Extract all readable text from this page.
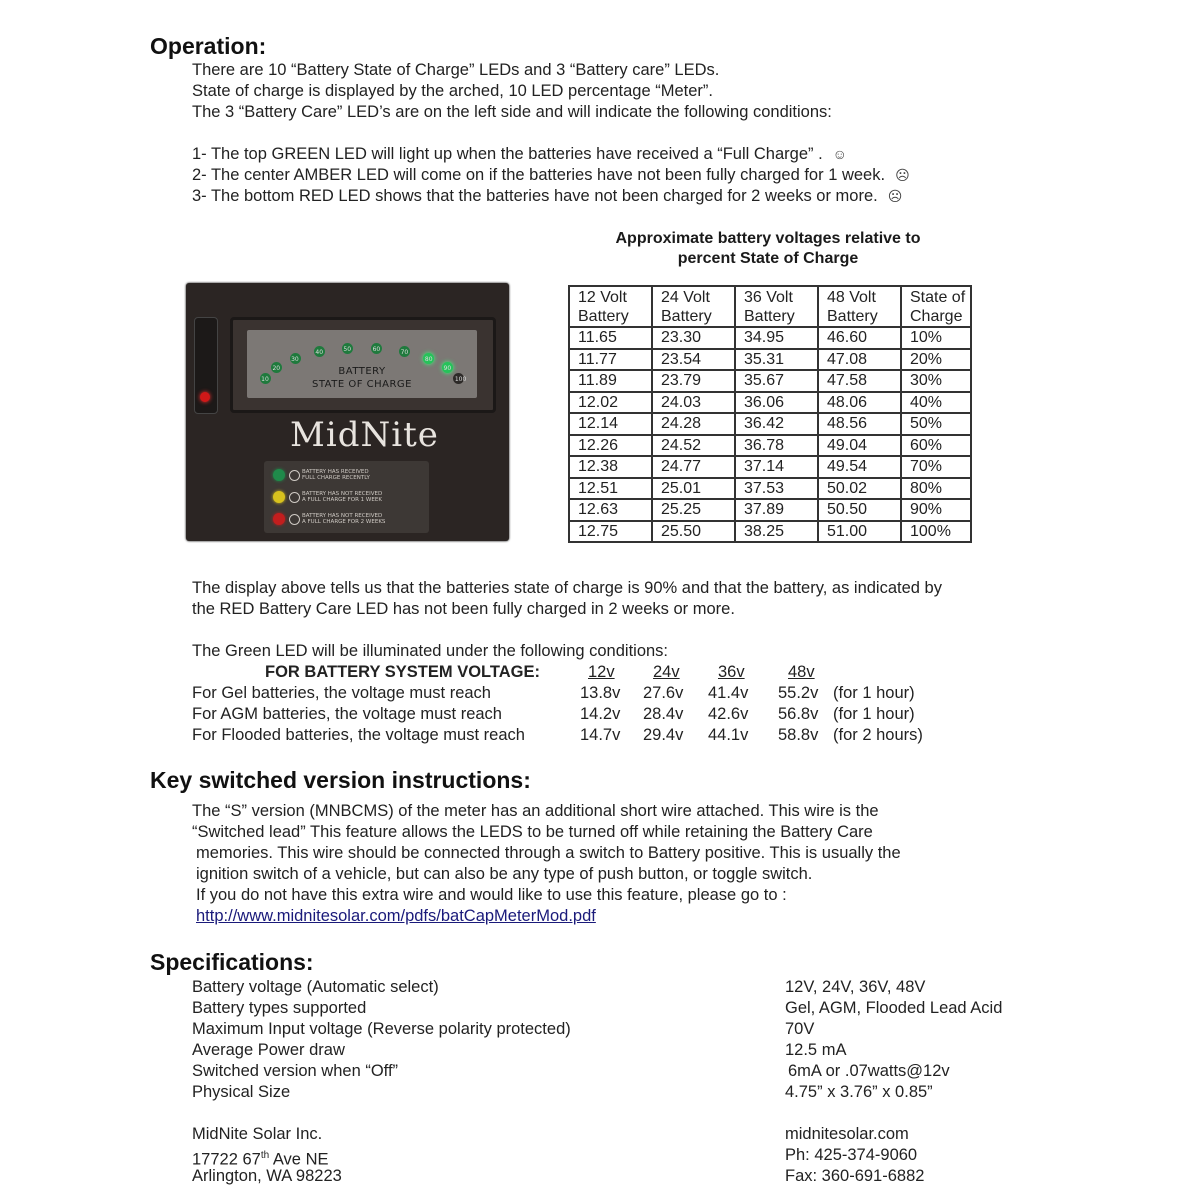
Operation:
There are 10 “Battery State of Charge” LEDs and 3 “Battery care” LEDs.
State of charge is displayed by the arched, 10 LED percentage “Meter”.
The 3 “Battery Care” LED’s are on the left side and will indicate the following conditions:
1- The top GREEN LED will light up when the batteries have received a “Full Charge” . ☺
2- The center AMBER LED will come on if the batteries have not been fully charged for 1 week. ☹
3- The bottom RED LED shows that the batteries have not been charged for 2 weeks or more. ☹
Approximate battery voltages relative to
percent State of Charge
BATTERY
STATE OF CHARGE
10
20
30
40	50	60	70
80
90
100
MidNite
BATTERY HAS RECEIVED
FULL CHARGE RECENTLY
BATTERY HAS NOT RECEIVED
A FULL CHARGE FOR 1 WEEK
BATTERY HAS NOT RECEIVED
A FULL CHARGE FOR 2 WEEKS
12 Volt Battery	24 Volt Battery	36 Volt Battery	48 Volt Battery	State of Charge
11.65	23.30	34.95	46.60	10%
11.77	23.54	35.31	47.08	20%
11.89	23.79	35.67	47.58	30%
12.02	24.03	36.06	48.06	40%
12.14	24.28	36.42	48.56	50%
12.26	24.52	36.78	49.04	60%
12.38	24.77	37.14	49.54	70%
12.51	25.01	37.53	50.02	80%
12.63	25.25	37.89	50.50	90%
12.75	25.50	38.25	51.00	100%
The display above tells us that the batteries state of charge is 90% and that the battery, as indicated by
the RED Battery Care LED has not been fully charged in 2 weeks or more.
The Green LED will be illuminated under the following conditions:
FOR BATTERY SYSTEM VOLTAGE:	12v 24v 36v	48v
For Gel batteries, the voltage must reach	13.8v 27.6v 41.4v 55.2v (for 1 hour)
For AGM batteries, the voltage must reach	14.2v 28.4v 42.6v 56.8v (for 1 hour)
For Flooded batteries, the voltage must reach	14.7v 29.4v 44.1v 58.8v (for 2 hours)
Key switched version instructions:
The “S” version (MNBCMS) of the meter has an additional short wire attached. This wire is the
“Switched lead” This feature allows the LEDS to be turned off while retaining the Battery Care
memories. This wire should be connected through a switch to Battery positive. This is usually the
ignition switch of a vehicle, but can also be any type of push button, or toggle switch.
If you do not have this extra wire and would like to use this feature, please go to :
http://www.midnitesolar.com/pdfs/batCapMeterMod.pdf
Specifications:
Battery voltage (Automatic select)	12V, 24V, 36V, 48V
Battery types supported	Gel, AGM, Flooded Lead Acid
Maximum Input voltage (Reverse polarity protected)	70V
Average Power draw	12.5 mA
Switched version when “Off”	6mA or .07watts@12v
Physical Size	4.75” x 3.76” x 0.85”
MidNite Solar Inc.
17722 67th Ave NE
Arlington, WA 98223
midnitesolar.com
Ph: 425-374-9060
Fax: 360-691-6882
